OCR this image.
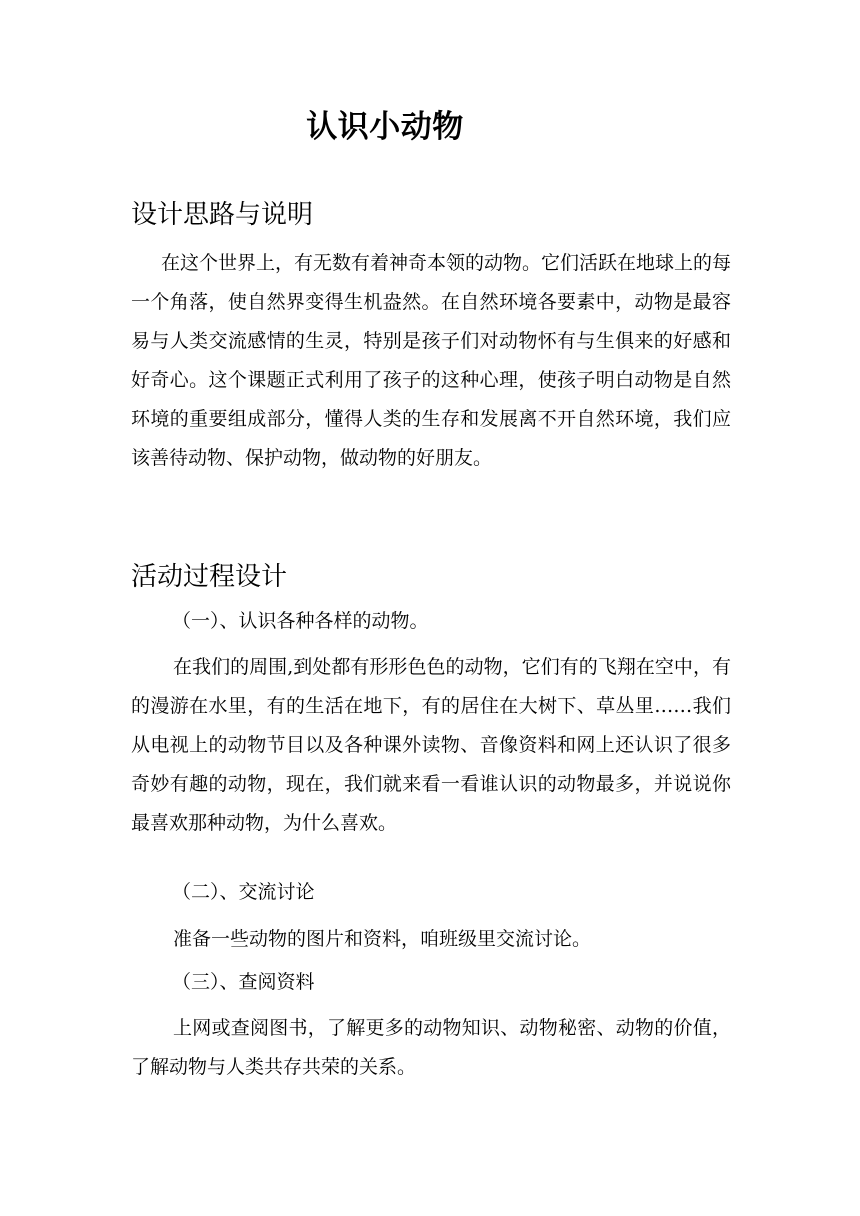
认识小动物
设计思路与说明

在这个世界上，有无数有着神奇本领的动物。它们活跃在地球上的每一个角落，使自然界变得生机盎然。在自然环境各要素中，动物是最容易与人类交流感情的生灵，特别是孩子们对动物怀有与生俱来的好感和好奇心。这个课题正式利用了孩子的这种心理，使孩子明白动物是自然环境的重要组成部分，懂得人类的生存和发展离不开自然环境，我们应该善待动物、保护动物，做动物的好朋友。

活动过程设计
（一）、认识各种各样的动物。

在我们的周围,到处都有形形色色的动物，它们有的飞翔在空中，有的漫游在水里，有的生活在地下，有的居住在大树下、草丛里……我们从电视上的动物节目以及各种课外读物、音像资料和网上还认识了很多奇妙有趣的动物，现在，我们就来看一看谁认识的动物最多，并说说你最喜欢那种动物，为什么喜欢。

（二）、交流讨论

准备一些动物的图片和资料，咱班级里交流讨论。

（三）、查阅资料

上网或查阅图书，了解更多的动物知识、动物秘密、动物的价值，了解动物与人类共存共荣的关系。
